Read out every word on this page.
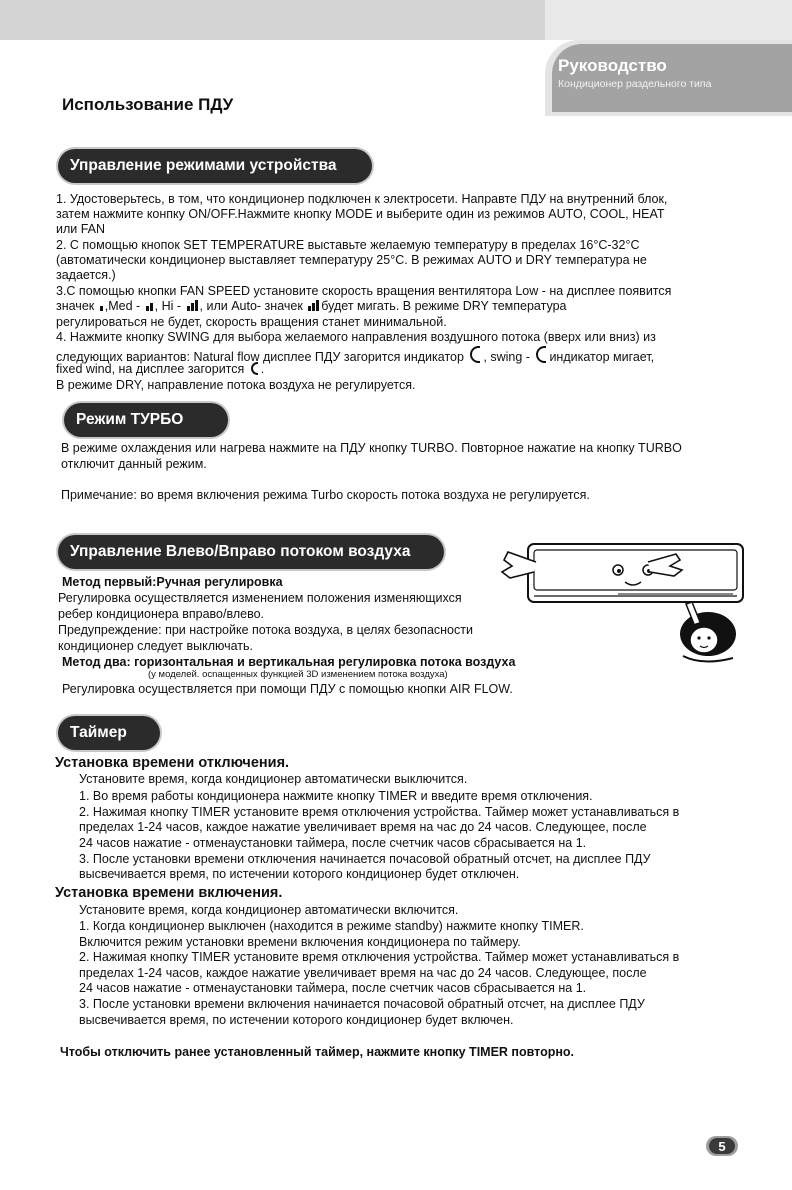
Руководство
Кондиционер раздельного типа
Использование ПДУ
Управление режимами устройства
1. Удостоверьтесь, в том, что кондиционер подключен к электросети. Направте ПДУ на внутренний блок,
затем нажмите конпку ON/OFF.Нажмите кнопку MODE и выберите один из режимов AUTO, COOL, HEAT
или FAN
2. С помощью кнопок SET TEMPERATURE выставьте желаемую температуру в пределах 16°C-32°C
(автоматически кондиционер выставляет температуру 25°C. В режимах AUTO и DRY температура не
задается.)
3.С помощью кнопки FAN SPEED установите скорость вращения вентилятора Low - на дисплее появится
значек ,Med - , Hi - , или Auto- значек будет мигать. В режиме DRY температура
регулироваться не будет, скорость вращения станет минимальной.
4. Нажмите кнопку SWING для выбора желаемого направления воздушного потока (вверх или вниз) из
следующих вариантов: Natural flow дисплее ПДУ загорится индикатор , swing - индикатор мигает,
fixed wind, на дисплее загорится .
В режиме DRY, направление потока воздуха не регулируется.
Режим ТУРБО
В режиме охлаждения или нагрева нажмите на ПДУ кнопку TURBO. Повторное нажатие на кнопку TURBO
отключит данный режим.
Примечание: во время включения режима Turbo скорость потока воздуха не регулируется.
Управление Влево/Вправо потоком воздуха
Метод первый:Ручная регулировка
Регулировка осуществляется изменением положения изменяющихся
ребер кондиционера вправо/влево.
Предупреждение: при настройке потока воздуха, в целях безопасности
кондиционер следует выключать.
Метод два: горизонтальная и вертикальная регулировка потока воздуха
(у моделей. осnащенных функцией 3D изменением потока воздуха)
Регулировка осуществляется при помощи ПДУ с помощью кнопки AIR FLOW.
Таймер
Установка времени отключения.
Установите время, когда кондиционер автоматически выключится.
1. Во время работы кондиционера нажмите кнопку TIMER и введите время отключения.
2. Нажимая кнопку TIMER установите время отключения устройства. Таймер может устанавливаться в
пределах 1-24 часов, каждое нажатие увеличивает время на час до 24 часов. Следующее, после
24 часов нажатие - отменаустановки таймера, после счетчик часов сбрасывается на 1.
3. После установки времени отключения начинается почасовой обратный отсчет, на дисплее ПДУ
высвечивается время, по истечении которого кондиционер будет отключен.
Установка времени включения.
Установите время, когда кондиционер автоматически включится.
1. Когда кондиционер выключен (находится в режиме standby) нажмите кнопку TIMER.
Включится режим установки времени включения кондиционера по таймеру.
2. Нажимая кнопку TIMER установите время отключения устройства. Таймер может устанавливаться в
пределах 1-24 часов, каждое нажатие увеличивает время на час до 24 часов. Следующее, после
24 часов нажатие - отменаустановки таймера, после счетчик часов сбрасывается на 1.
3. После установки времени включения начинается почасовой обратный отсчет, на дисплее ПДУ
высвечивается время, по истечении которого кондиционер будет включен.
Чтобы отключить ранее установленный таймер, нажмите кнопку TIMER повторно.
5
